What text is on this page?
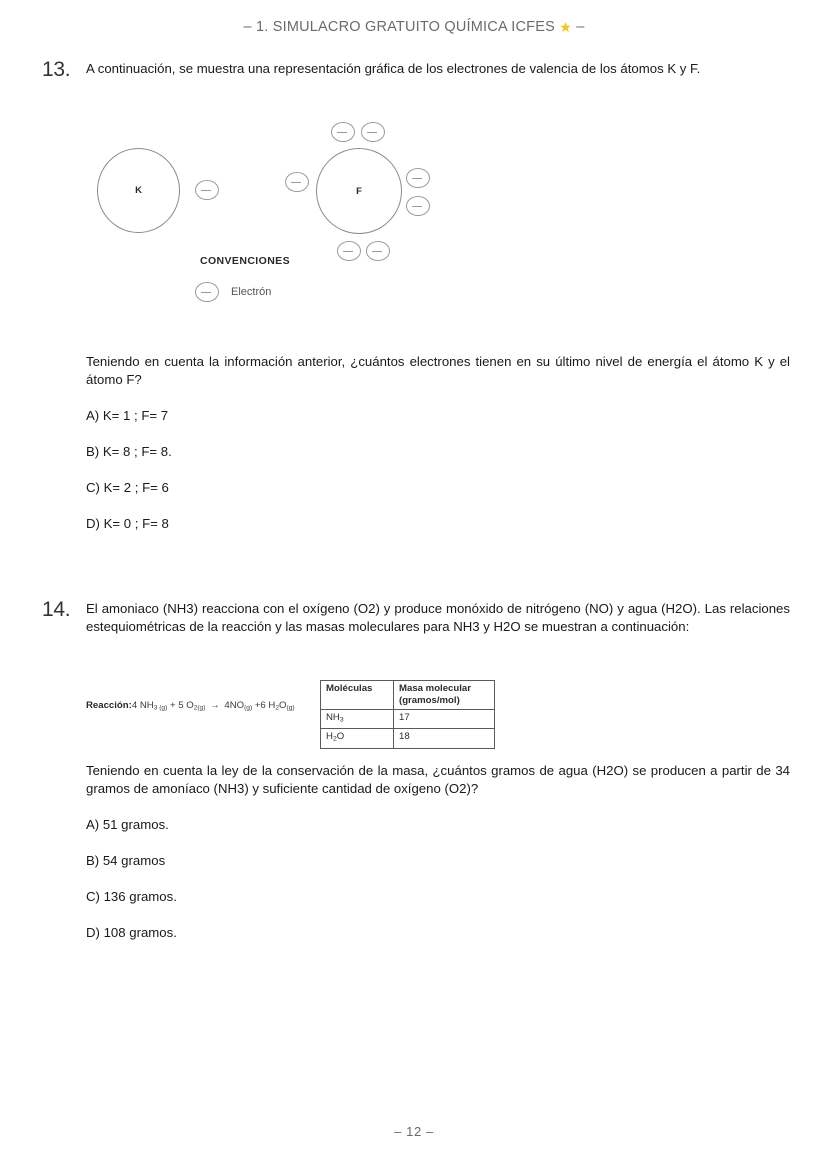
– 1. SIMULACRO GRATUITO QUÍMICA ICFES ★ –
13.	A continuación, se muestra una representación gráfica de los electrones de valencia de los átomos K y F.
K	F
CONVENCIONES
Electrón
Teniendo en cuenta la información anterior, ¿cuántos electrones tienen en su último nivel de energía el átomo K y el átomo F?
A) K= 1 ; F= 7
B) K= 8 ; F= 8.
C) K= 2 ; F= 6
D) K= 0 ; F= 8
14.	El amoniaco (NH3) reacciona con el oxígeno (O2) y produce monóxido de nitrógeno (NO) y agua (H2O). Las relaciones estequiométricas de la reacción y las masas moleculares para NH3 y H2O se muestran a continuación:
Reacción:4 $NH_{3 (g)} + 5$ $O_{2(g)} \to 4NO_{(g)} +6$ $H_2O_{(g)}$
Moléculas	Masa molecular (gramos/mol)
$NH_3$	17
$H_2O$	18
Teniendo en cuenta la ley de la conservación de la masa, ¿cuántos gramos de agua (H2O) se producen a partir de 34 gramos de amoníaco (NH3) y suficiente cantidad de oxígeno (O2)?
A) 51 gramos.
B) 54 gramos
C) 136 gramos.
D) 108 gramos.
– 12 –
